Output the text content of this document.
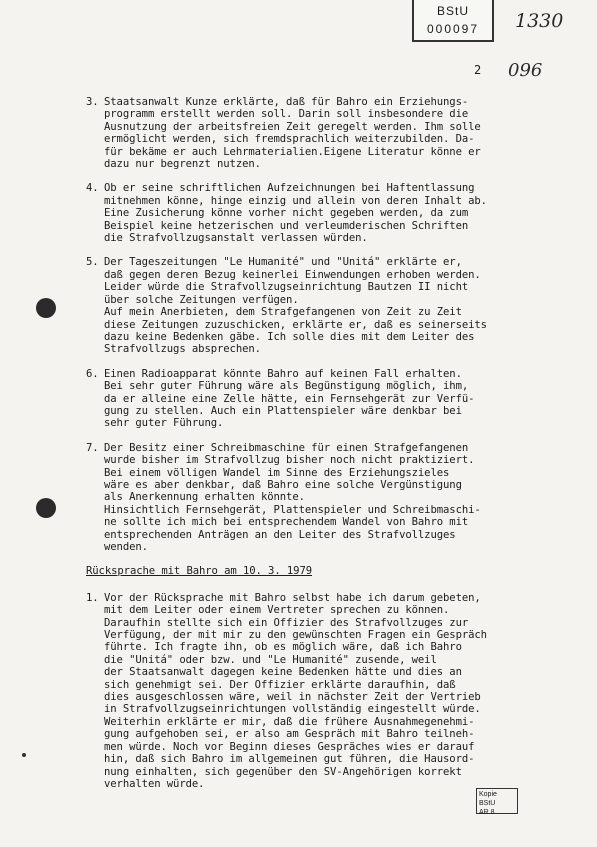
BStU
000097	1330
2 096
3. Staatsanwalt Kunze erklärte, daß für Bahro ein Erziehungs-
programm erstellt werden soll. Darin soll insbesondere die
Ausnutzung der arbeitsfreien Zeit geregelt werden. Ihm solle
ermöglicht werden, sich fremdsprachlich weiterzubilden. Da-
für bekäme er auch Lehrmaterialien.Eigene Literatur könne er
dazu nur begrenzt nutzen.
4. Ob er seine schriftlichen Aufzeichnungen bei Haftentlassung
mitnehmen könne, hinge einzig und allein von deren Inhalt ab.
Eine Zusicherung könne vorher nicht gegeben werden, da zum
Beispiel keine hetzerischen und verleumderischen Schriften
die Strafvollzugsanstalt verlassen würden.
5. Der Tageszeitungen "Le Humanité" und "Unitá" erklärte er,
daß gegen deren Bezug keinerlei Einwendungen erhoben werden.
Leider würde die Strafvollzugseinrichtung Bautzen II nicht
über solche Zeitungen verfügen.
Auf mein Anerbieten, dem Strafgefangenen von Zeit zu Zeit
diese Zeitungen zuzuschicken, erklärte er, daß es seinerseits
dazu keine Bedenken gäbe. Ich solle dies mit dem Leiter des
Strafvollzugs absprechen.
6. Einen Radioapparat könnte Bahro auf keinen Fall erhalten.
Bei sehr guter Führung wäre als Begünstigung möglich, ihm,
da er alleine eine Zelle hätte, ein Fernsehgerät zur Verfü-
gung zu stellen. Auch ein Plattenspieler wäre denkbar bei
sehr guter Führung.
7. Der Besitz einer Schreibmaschine für einen Strafgefangenen
wurde bisher im Strafvollzug bisher noch nicht praktiziert.
Bei einem völligen Wandel im Sinne des Erziehungszieles
wäre es aber denkbar, daß Bahro eine solche Vergünstigung
als Anerkennung erhalten könnte.
Hinsichtlich Fernsehgerät, Plattenspieler und Schreibmaschi-
ne sollte ich mich bei entsprechendem Wandel von Bahro mit
entsprechenden Anträgen an den Leiter des Strafvollzuges
wenden.
Rücksprache mit Bahro am 10. 3. 1979
1. Vor der Rücksprache mit Bahro selbst habe ich darum gebeten,
mit dem Leiter oder einem Vertreter sprechen zu können.
Daraufhin stellte sich ein Offizier des Strafvollzuges zur
Verfügung, der mit mir zu den gewünschten Fragen ein Gespräch
führte. Ich fragte ihn, ob es möglich wäre, daß ich Bahro
die "Unitá" oder bzw. und "Le Humanité" zusende, weil
der Staatsanwalt dagegen keine Bedenken hätte und dies an
sich genehmigt sei. Der Offizier erklärte daraufhin, daß
dies ausgeschlossen wäre, weil in nächster Zeit der Vertrieb
in Strafvollzugseinrichtungen vollständig eingestellt würde.
Weiterhin erklärte er mir, daß die frühere Ausnahmegenehmi-
gung aufgehoben sei, er also am Gespräch mit Bahro teilneh-
men würde. Noch vor Beginn dieses Gespräches wies er darauf
hin, daß sich Bahro im allgemeinen gut führen, die Hausord-
nung einhalten, sich gegenüber den SV-Angehörigen korrekt
verhalten würde.
Kopie BStU
AR 8
